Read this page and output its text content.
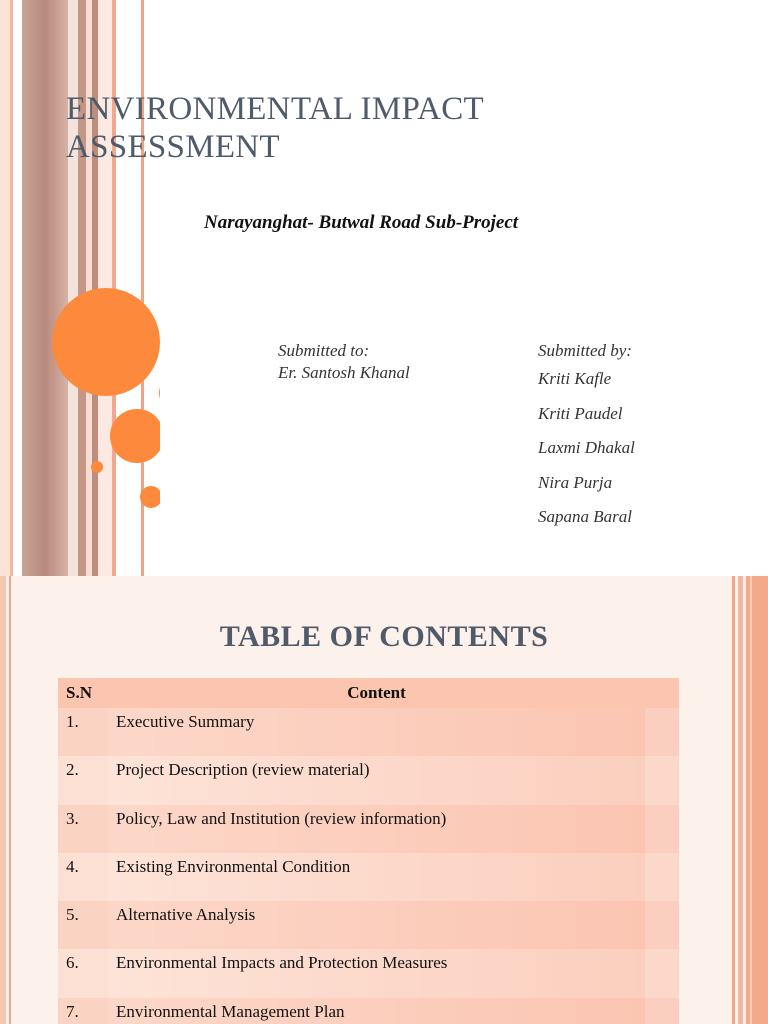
ENVIRONMENTAL IMPACT
ASSESSMENT
Narayanghat- Butwal Road Sub-Project
Submitted to:
Er. Santosh Khanal
Submitted by:
Kriti Kafle
Kriti Paudel
Laxmi Dhakal
Nira Purja
Sapana Baral
TABLE OF CONTENTS
S.N	Content	
1.	Executive Summary	
2.	Project Description (review material)	
3.	Policy, Law and Institution (review information)	
4.	Existing Environmental Condition	
5.	Alternative Analysis	
6.	Environmental Impacts and Protection Measures	
7.	Environmental Management Plan	
